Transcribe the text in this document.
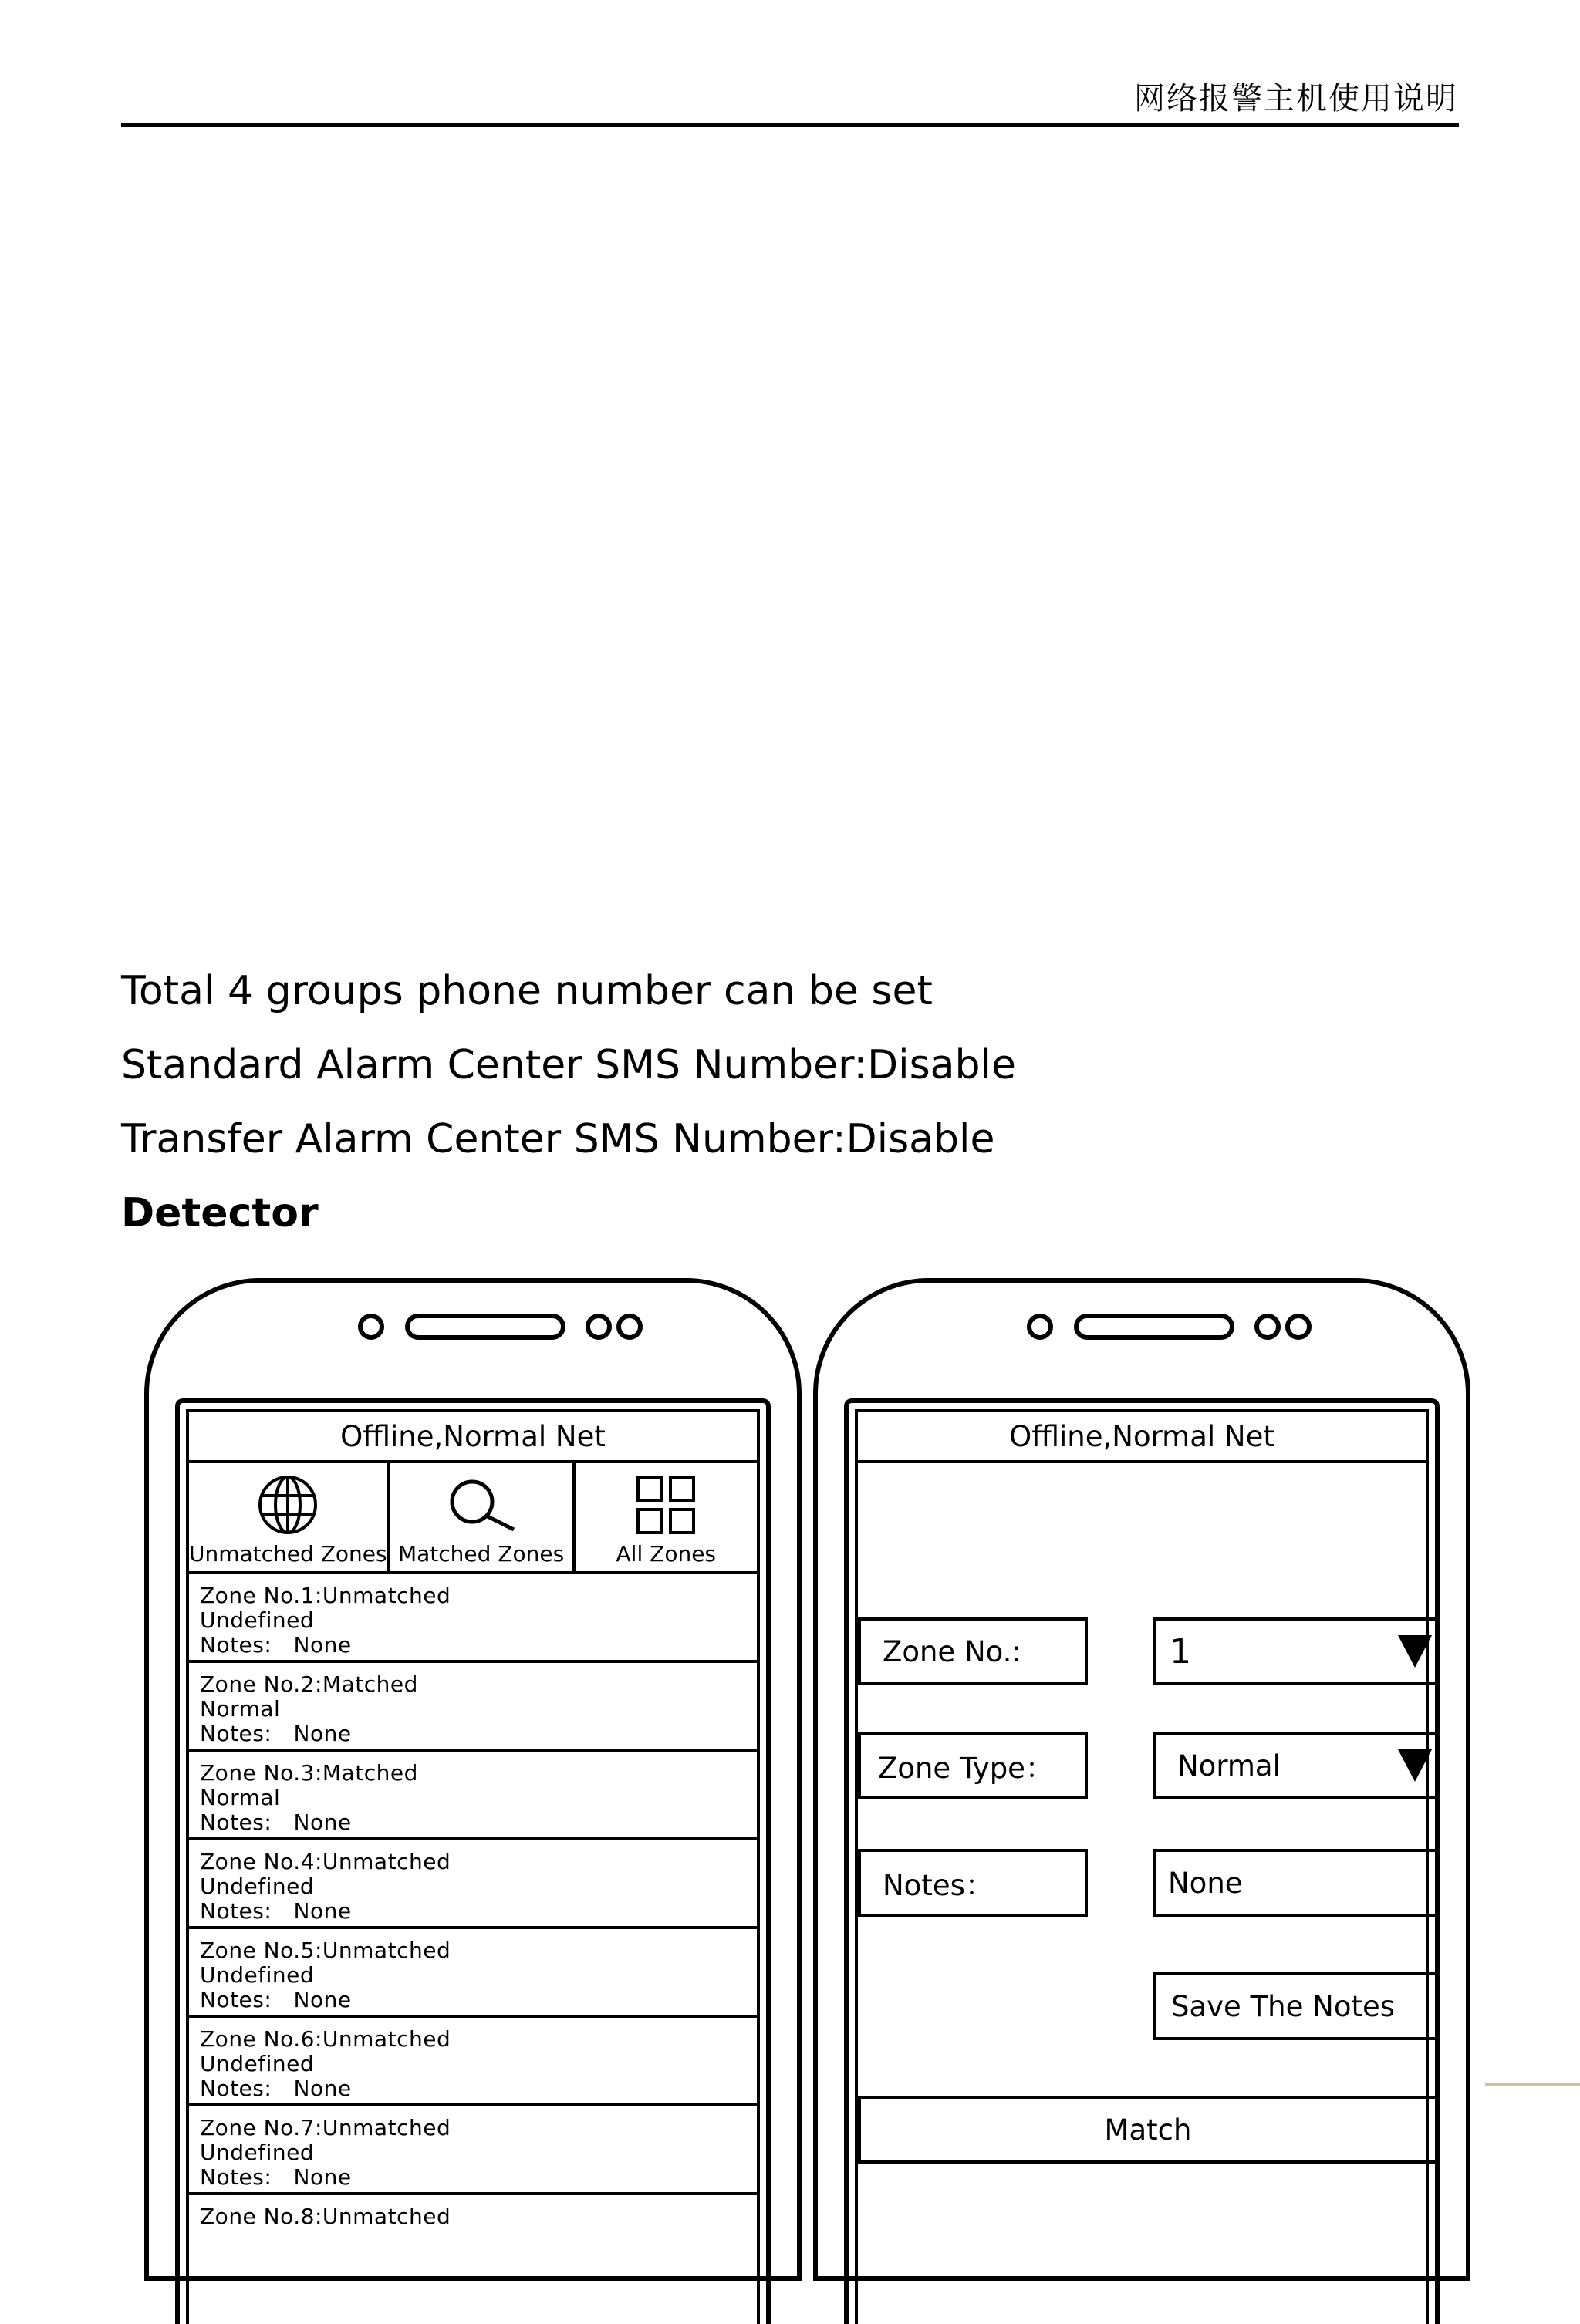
网络报警主机使用说明
Total 4 groups phone number can be set
Standard Alarm Center SMS Number:Disable
Transfer Alarm Center SMS Number:Disable
Detector
Offline,Normal Net
Unmatched Zones Matched Zones All Zones
Zone No.1:Unmatched
Undefined
Notes:   None
Zone No.2:Matched
Normal
Notes:   None
Zone No.3:Matched
Normal
Notes:   None
Zone No.4:Unmatched
Undefined
Notes:   None
Zone No.5:Unmatched
Undefined
Notes:   None
Zone No.6:Unmatched
Undefined
Notes:   None
Zone No.7:Unmatched
Undefined
Notes:   None
Zone No.8:Unmatched
Offline,Normal Net
Zone No.:	1
Zone Type：	Normal
Notes：	None
Save The Notes
Match
